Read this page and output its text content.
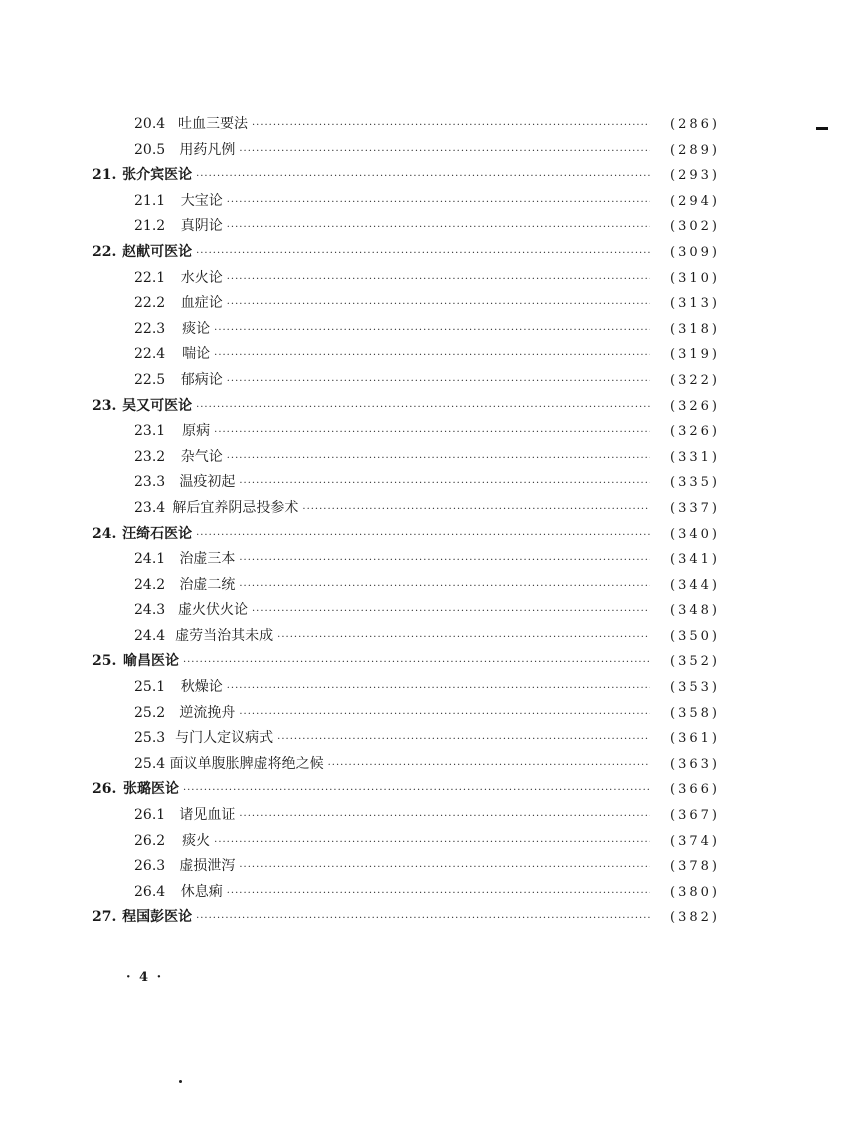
20.4 吐血三要法 ·····	(286)
20.5	用药凡例 ·····	(289)
21. 张介宾医论 ·····	(293)
21.1	大宝论 ·····	(294)
21.2	真阴论 ·····	(302)
22. 赵献可医论 ·····	(309)
22.1	水火论 ·····	(310)
22.2	血症论 ·····	(313)
22.3	痰论 ·····	(318)
22.4	喘论 ·····	(319)
22.5	郁病论 ·····	(322)
23. 吴又可医论 ·····	(326)
23.1	原病 ·····	(326)
23.2	杂气论 ·····	(331)
23.3	温疫初起 ·····	(335)
23.4 解后宜养阴忌投参术 ·····	(337)
24. 汪绮石医论 ·····	(340)
24.1	治虚三本 ·····	(341)
24.2	治虚二统 ·····	(344)
24.3 虚火伏火论 ·····	(348)
24.4 虚劳当治其未成 ·····	(350)
25. 喻昌医论 ·····	(352)
25.1	秋燥论 ·····	(353)
25.2	逆流挽舟 ·····	(358)
25.3 与门人定议病式 ·····	(361)
25.4 面议单腹胀脾虚将绝之候 ·····	(363)
26. 张璐医论 ·····	(366)
26.1	诸见血证 ·····	(367)
26.2	痰火 ·····	(374)
26.3	虚损泄泻 ·····	(378)
26.4	休息痢 ·····	(380)
27. 程国彭医论 ·····	(382)
· 4 ·
